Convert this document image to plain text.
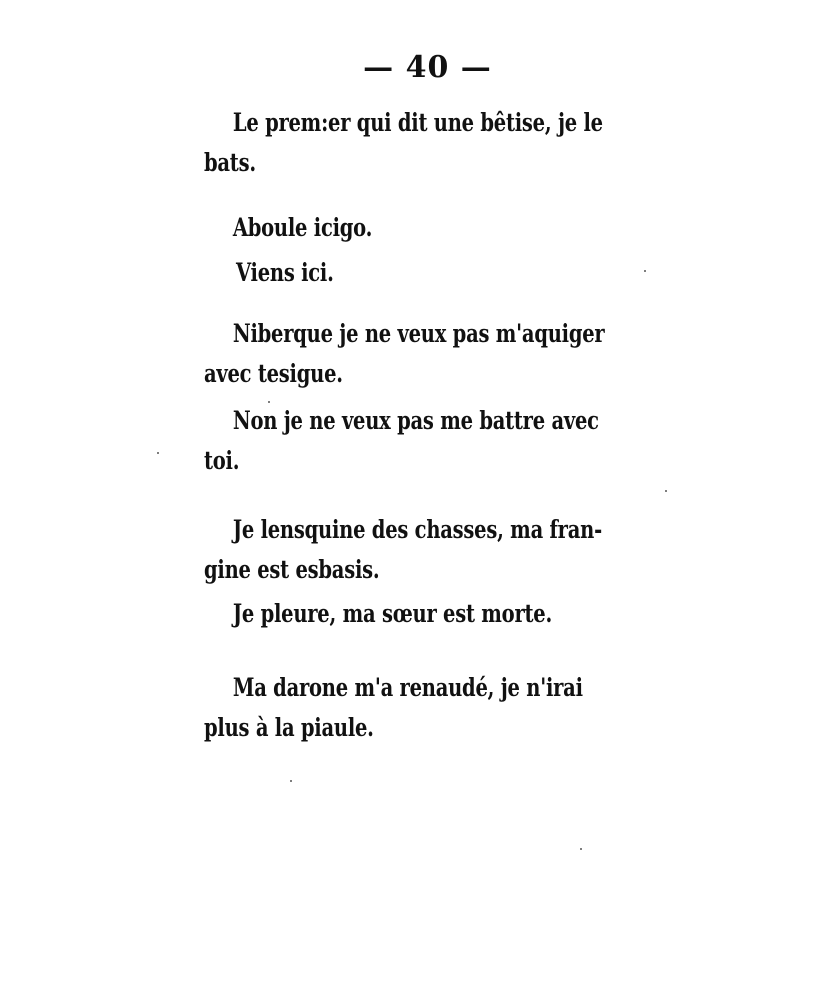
— 40 —
Le prem:er qui dit une bêtise, je le
bats.
Aboule icigo.
Viens ici.
Niberque je ne veux pas m'aquiger
avec tesigue.
Non je ne veux pas me battre avec
toi.
Je lensquine des chasses, ma fran-
gine est esbasis.
Je pleure, ma sœur est morte.
Ma darone m'a renaudé, je n'irai
plus à la piaule.
